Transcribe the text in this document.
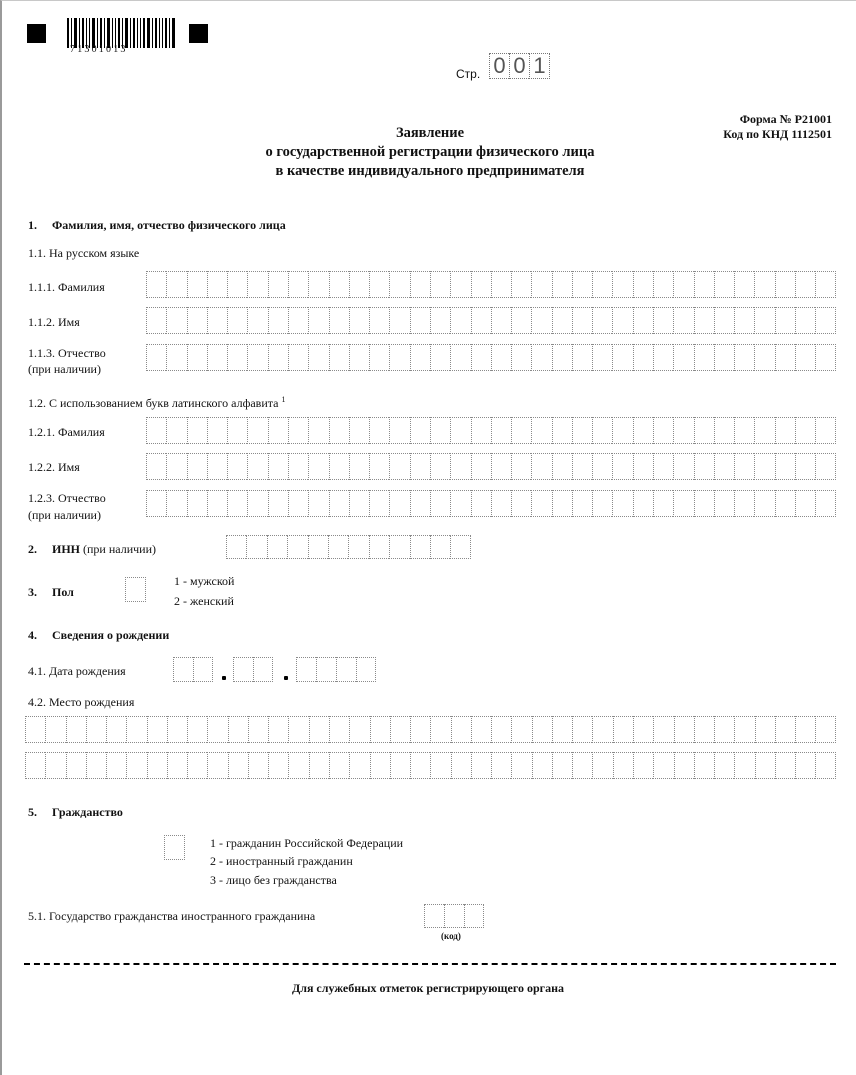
71301013
Стр. 0 0 1
Форма № Р21001
Код по КНД 1112501
Заявление
о государственной регистрации физического лица
в качестве индивидуального предпринимателя
1. Фамилия, имя, отчество физического лица
1.1. На русском языке
1.1.1. Фамилия
1.1.2. Имя
1.1.3. Отчество
(при наличии)
1.2. С использованием букв латинского алфавита $^1$
1.2.1. Фамилия
1.2.2. Имя
1.2.3. Отчество
(при наличии)
2. ИНН (при наличии)
3. Пол
1 - мужской
2 - женский
4. Сведения о рождении
4.1. Дата рождения
4.2. Место рождения
5. Гражданство
1 - гражданин Российской Федерации
2 - иностранный гражданин
3 - лицо без гражданства
5.1. Государство гражданства иностранного гражданина
(код)
Для служебных отметок регистрирующего органа
